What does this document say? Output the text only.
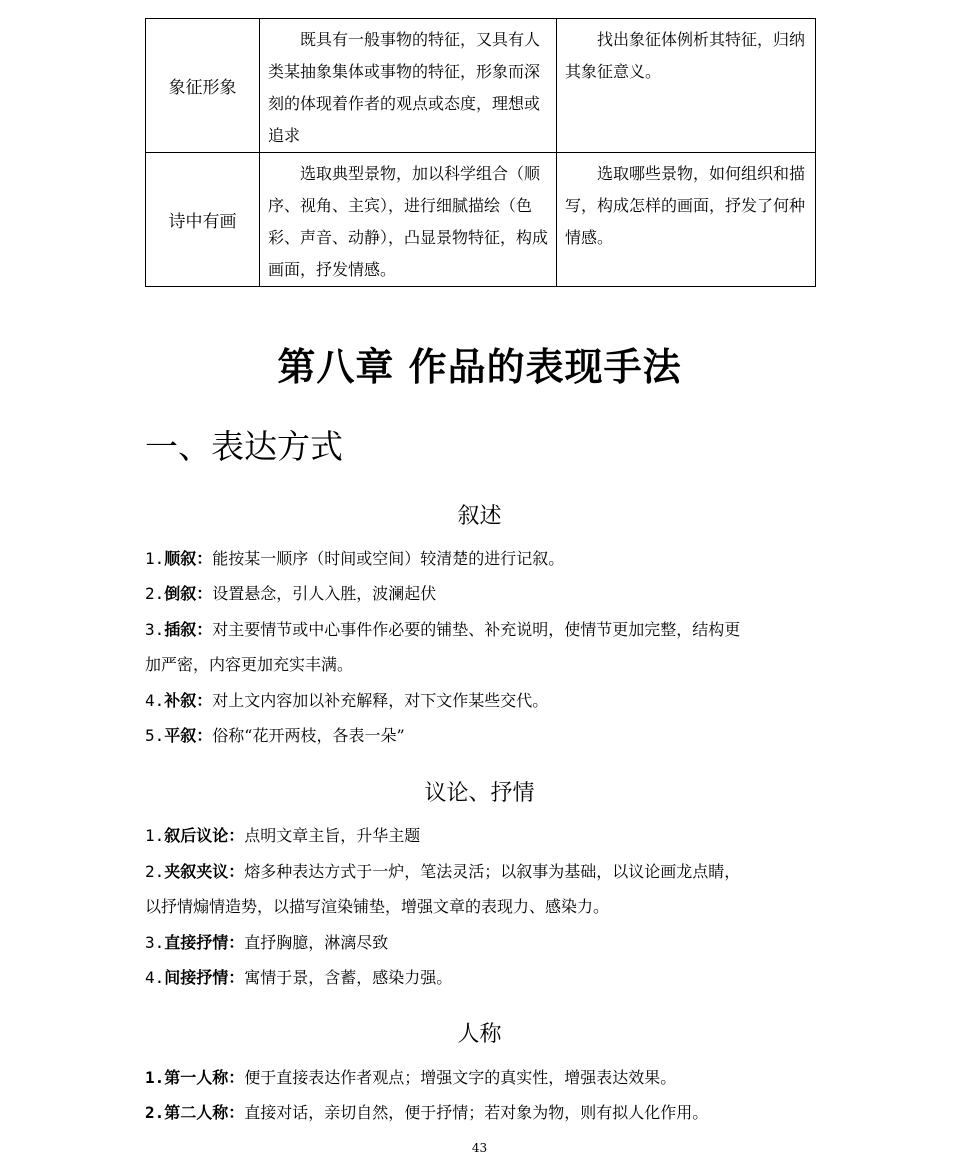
象征形象	既具有一般事物的特征，又具有人类某抽象集体或事物的特征，形象而深刻的体现着作者的观点或态度，理想或追求	找出象征体例析其特征，归纳其象征意义。

诗中有画	选取典型景物，加以科学组合（顺序、视角、主宾），进行细腻描绘（色彩、声音、动静），凸显景物特征，构成画面，抒发情感。	选取哪些景物，如何组织和描写，构成怎样的画面，抒发了何种情感。
第八章 作品的表现手法
一、表达方式
叙述
1.顺叙：能按某一顺序（时间或空间）较清楚的进行记叙。
2.倒叙：设置悬念，引人入胜，波澜起伏
3.插叙：对主要情节或中心事件作必要的铺垫、补充说明，使情节更加完整，结构更
加严密，内容更加充实丰满。
4.补叙：对上文内容加以补充解释，对下文作某些交代。
5.平叙：俗称“花开两枝，各表一朵”
议论、抒情
1.叙后议论：点明文章主旨，升华主题
2.夹叙夹议：熔多种表达方式于一炉，笔法灵活；以叙事为基础，以议论画龙点睛，
以抒情煽情造势，以描写渲染铺垫，增强文章的表现力、感染力。
3.直接抒情：直抒胸臆，淋漓尽致
4.间接抒情：寓情于景，含蓄，感染力强。
人称
1.第一人称：便于直接表达作者观点；增强文字的真实性，增强表达效果。
2.第二人称：直接对话，亲切自然，便于抒情；若对象为物，则有拟人化作用。
43
